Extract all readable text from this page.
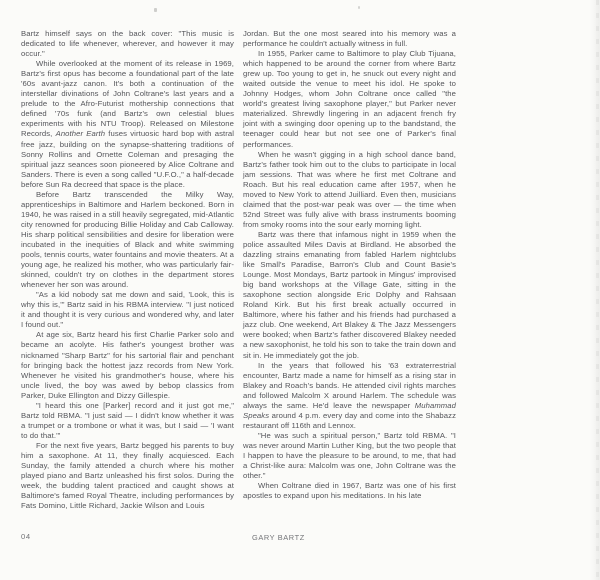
Bartz himself says on the back cover: "This music is dedicated to life whenever, wherever, and however it may occur."

While overlooked at the moment of its release in 1969, Bartz's first opus has become a foundational part of the late '60s avant-jazz canon. It's both a continuation of the interstellar divinations of John Coltrane's last years and a prelude to the Afro-Futurist mothership connections that defined '70s funk (and Bartz's own celestial blues experiments with his NTU Troop). Released on Milestone Records, Another Earth fuses virtuosic hard bop with astral free jazz, building on the synapse-shattering traditions of Sonny Rollins and Ornette Coleman and presaging the spiritual jazz seances soon pioneered by Alice Coltrane and Sanders. There is even a song called "U.F.O.," a half-decade before Sun Ra decreed that space is the place.

Before Bartz transcended the Milky Way, apprenticeships in Baltimore and Harlem beckoned. Born in 1940, he was raised in a still heavily segregated, mid-Atlantic city renowned for producing Billie Holiday and Cab Calloway. His sharp political sensibilities and desire for liberation were incubated in the inequities of Black and white swimming pools, tennis courts, water fountains and movie theaters. At a young age, he realized his mother, who was particularly fair-skinned, couldn't try on clothes in the department stores whenever her son was around.

"As a kid nobody sat me down and said, 'Look, this is why this is,'" Bartz said in his RBMA interview. "I just noticed it and thought it is very curious and wondered why, and later I found out."

At age six, Bartz heard his first Charlie Parker solo and became an acolyte. His father's youngest brother was nicknamed "Sharp Bartz" for his sartorial flair and penchant for bringing back the hottest jazz records from New York. Whenever he visited his grandmother's house, where his uncle lived, the boy was awed by bebop classics from Parker, Duke Ellington and Dizzy Gillespie.

"I heard this one [Parker] record and it just got me," Bartz told RBMA. "I just said — I didn't know whether it was a trumpet or a trombone or what it was, but I said — 'I want to do that.'"

For the next five years, Bartz begged his parents to buy him a saxophone. At 11, they finally acquiesced. Each Sunday, the family attended a church where his mother played piano and Bartz unleashed his first solos. During the week, the budding talent practiced and caught shows at Baltimore's famed Royal Theatre, including performances by Fats Domino, Little Richard, Jackie Wilson and Louis

Jordan. But the one most seared into his memory was a performance he couldn't actually witness in full.

In 1955, Parker came to Baltimore to play Club Tijuana, which happened to be around the corner from where Bartz grew up. Too young to get in, he snuck out every night and waited outside the venue to meet his idol. He spoke to Johnny Hodges, whom John Coltrane once called "the world's greatest living saxophone player," but Parker never materialized. Shrewdly lingering in an adjacent french fry joint with a swinging door opening up to the bandstand, the teenager could hear but not see one of Parker's final performances.

When he wasn't gigging in a high school dance band, Bartz's father took him out to the clubs to participate in local jam sessions. That was where he first met Coltrane and Roach. But his real education came after 1957, when he moved to New York to attend Juilliard. Even then, musicians claimed that the post-war peak was over — the time when 52nd Street was fully alive with brass instruments booming from smoky rooms into the sour early morning light.

Bartz was there that infamous night in 1959 when the police assaulted Miles Davis at Birdland. He absorbed the dazzling strains emanating from fabled Harlem nightclubs like Small's Paradise, Barron's Club and Count Basie's Lounge. Most Mondays, Bartz partook in Mingus' improvised big band workshops at the Village Gate, sitting in the saxophone section alongside Eric Dolphy and Rahsaan Roland Kirk. But his first break actually occurred in Baltimore, where his father and his friends had purchased a jazz club. One weekend, Art Blakey & The Jazz Messengers were booked; when Bartz's father discovered Blakey needed a new saxophonist, he told his son to take the train down and sit in. He immediately got the job.

In the years that followed his '63 extraterrestrial encounter, Bartz made a name for himself as a rising star in Blakey and Roach's bands. He attended civil rights marches and followed Malcolm X around Harlem. The schedule was always the same. He'd leave the newspaper Muhammad Speaks around 4 p.m. every day and come into the Shabazz restaurant off 116th and Lennox.

"He was such a spiritual person," Bartz told RBMA. "I was never around Martin Luther King, but the two people that I happen to have the pleasure to be around, to me, that had a Christ-like aura: Malcolm was one, John Coltrane was the other."

When Coltrane died in 1967, Bartz was one of his first apostles to expand upon his meditations. In his late

04	GARY BARTZ
